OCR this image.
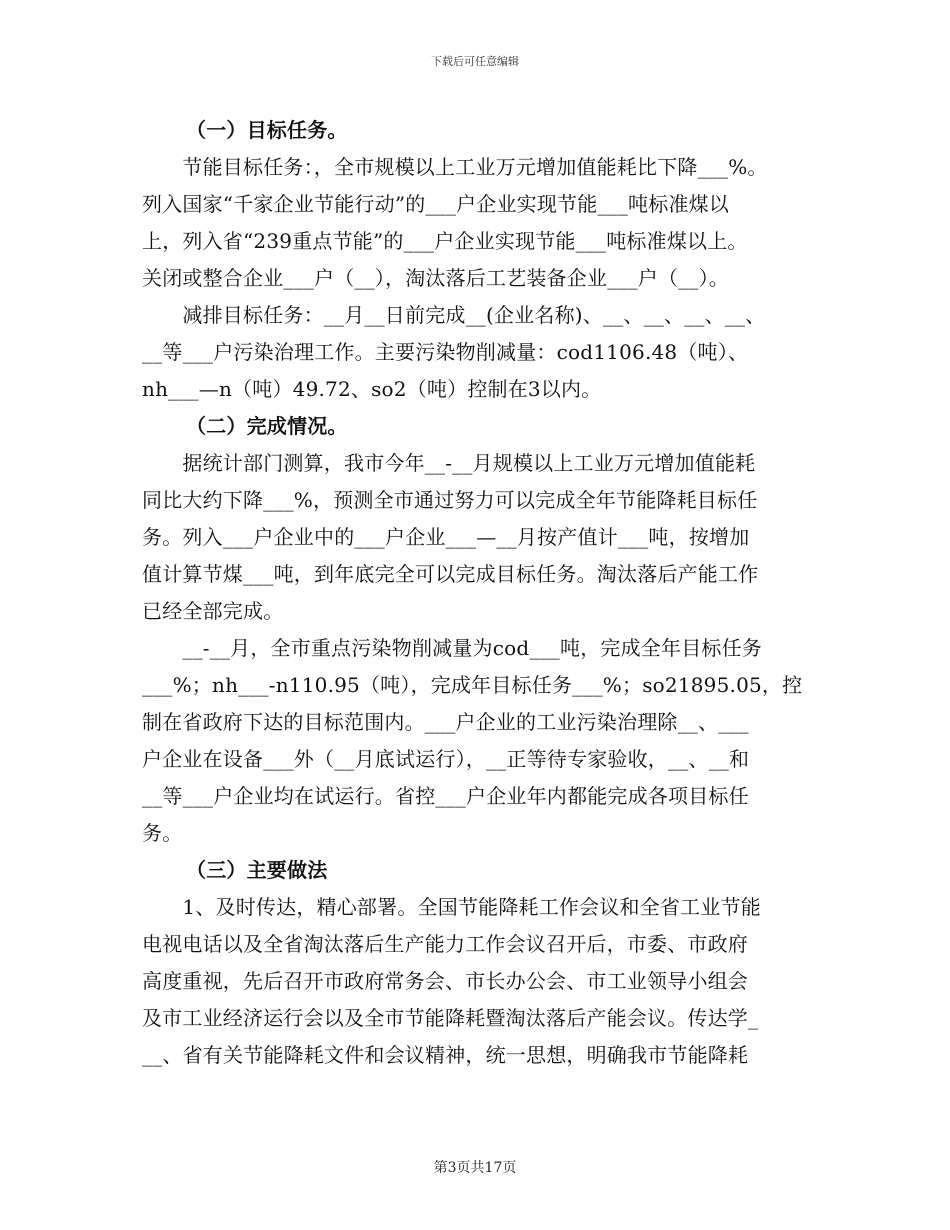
下载后可任意编辑
（一）目标任务。
　　节能目标任务：，全市规模以上工业万元增加值能耗比下降___%。
列入国家“千家企业节能行动”的___户企业实现节能___吨标准煤以
上，列入省“239重点节能”的___户企业实现节能___吨标准煤以上。
关闭或整合企业___户（__），淘汰落后工艺装备企业___户（__）。
　　减排目标任务：__月__日前完成__(企业名称)、__、__、__、__、
__等___户污染治理工作。主要污染物削减量：cod1106.48（吨）、
nh___—n（吨）49.72、so2（吨）控制在3以内。
（二）完成情况。
　　据统计部门测算，我市今年__-__月规模以上工业万元增加值能耗
同比大约下降___%，预测全市通过努力可以完成全年节能降耗目标任
务。列入___户企业中的___户企业___—__月按产值计___吨，按增加
值计算节煤___吨，到年底完全可以完成目标任务。淘汰落后产能工作
已经全部完成。
　　__-__月，全市重点污染物削减量为cod___吨，完成全年目标任务
___%；nh___-n110.95（吨），完成年目标任务___%；so21895.05，控
制在省政府下达的目标范围内。___户企业的工业污染治理除__、___
户企业在设备___外（__月底试运行），__正等待专家验收，__、__和
__等___户企业均在试运行。省控___户企业年内都能完成各项目标任
务。
（三）主要做法
　　1、及时传达，精心部署。全国节能降耗工作会议和全省工业节能
电视电话以及全省淘汰落后生产能力工作会议召开后，市委、市政府
高度重视，先后召开市政府常务会、市长办公会、市工业领导小组会
及市工业经济运行会以及全市节能降耗暨淘汰落后产能会议。传达学_
__、省有关节能降耗文件和会议精神，统一思想，明确我市节能降耗
第3页共17页
